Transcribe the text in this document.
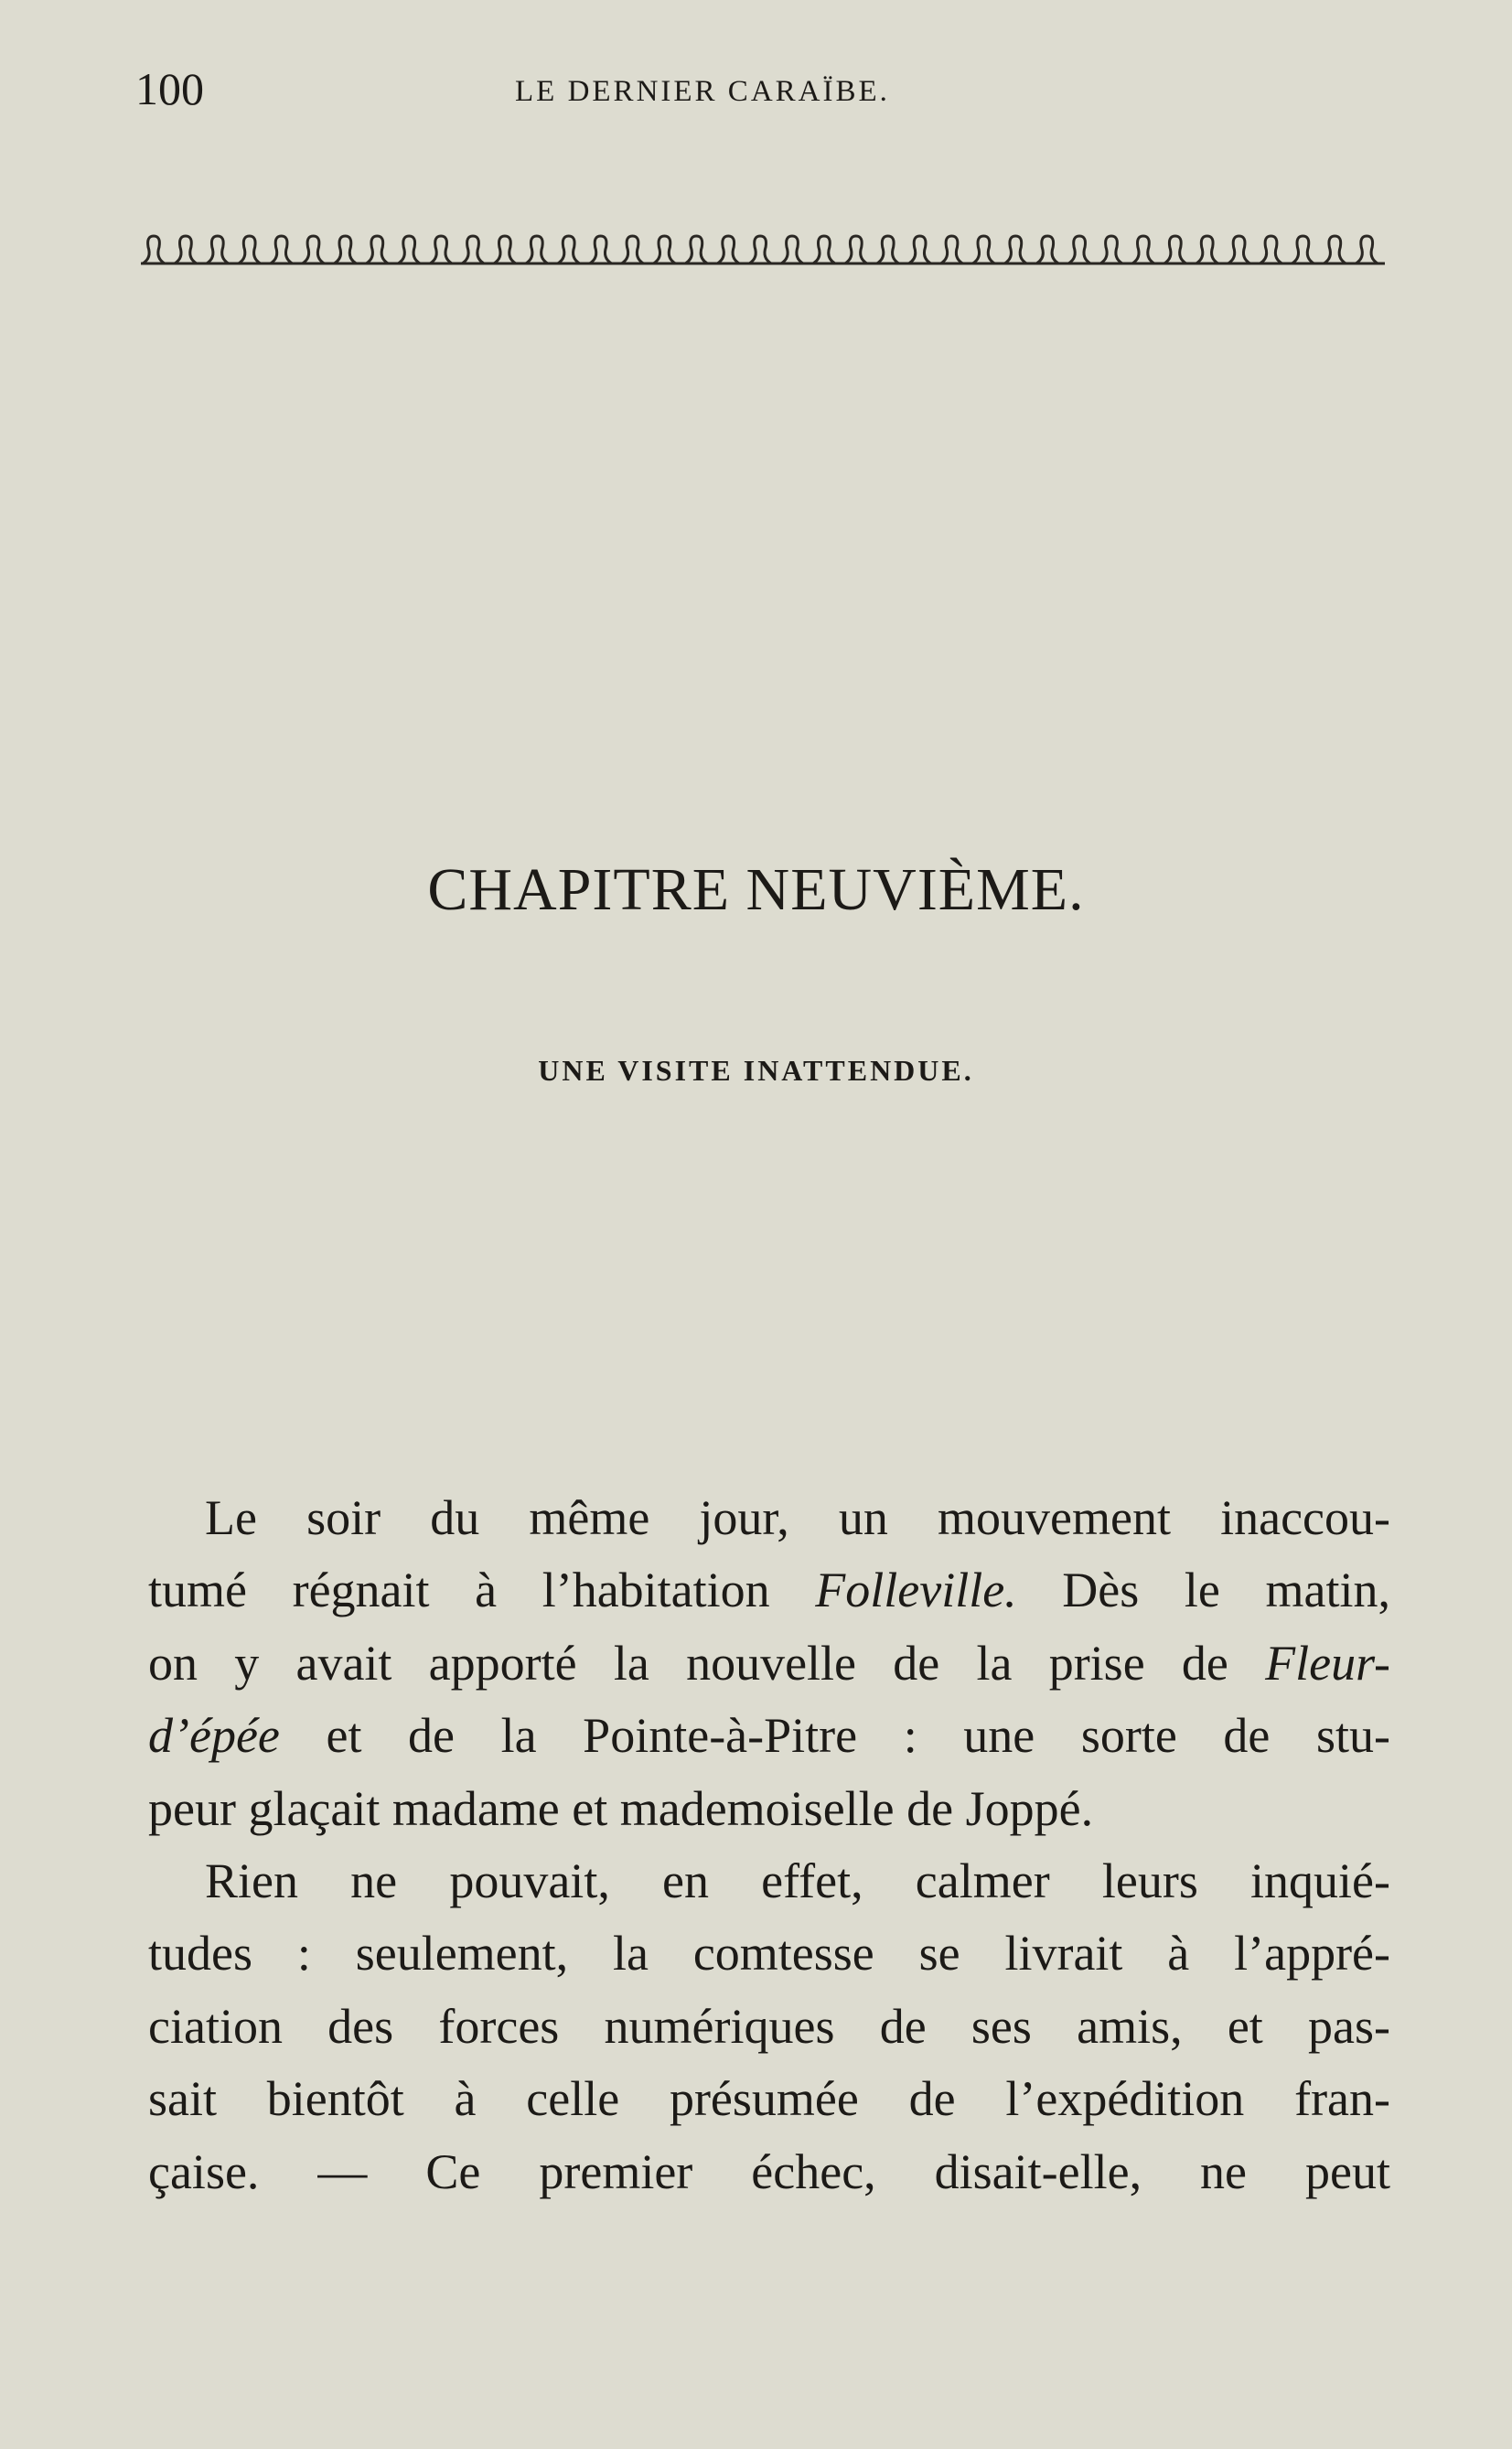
100	LE DERNIER CARAÏBE.
CHAPITRE NEUVIÈME.
UNE VISITE INATTENDUE.
Le soir du même jour, un mouvement inaccou-
tumé régnait à l’habitation Folleville. Dès le matin,
on y avait apporté la nouvelle de la prise de Fleur-
d’épée et de la Pointe-à-Pitre : une sorte de stu-
peur glaçait madame et mademoiselle de Joppé.
Rien ne pouvait, en effet, calmer leurs inquié-
tudes : seulement, la comtesse se livrait à l’appré-
ciation des forces numériques de ses amis, et pas-
sait bientôt à celle présumée de l’expédition fran-
çaise. — Ce premier échec, disait-elle, ne peut
